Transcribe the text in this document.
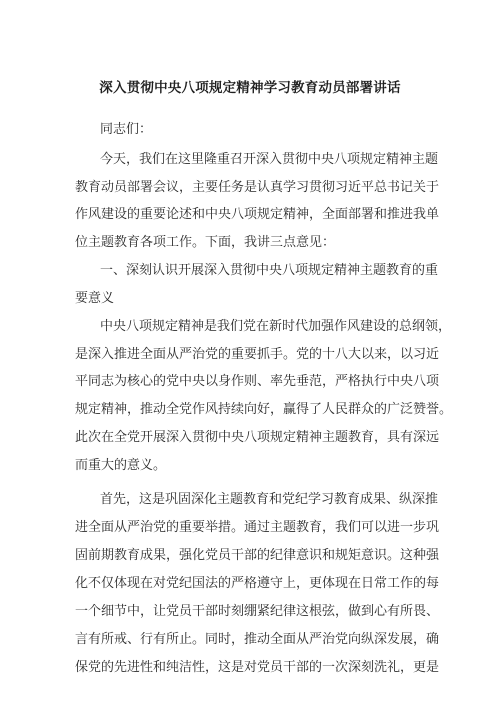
深入贯彻中央八项规定精神学习教育动员部署讲话
同志们：
今天，我们在这里隆重召开深入贯彻中央八项规定精神主题
教育动员部署会议，主要任务是认真学习贯彻习近平总书记关于
作风建设的重要论述和中央八项规定精神，全面部署和推进我单
位主题教育各项工作。下面，我讲三点意见：
一、深刻认识开展深入贯彻中央八项规定精神主题教育的重
要意义
中央八项规定精神是我们党在新时代加强作风建设的总纲领，
是深入推进全面从严治党的重要抓手。党的十八大以来，以习近
平同志为核心的党中央以身作则、率先垂范，严格执行中央八项
规定精神，推动全党作风持续向好，赢得了人民群众的广泛赞誉。
此次在全党开展深入贯彻中央八项规定精神主题教育，具有深远
而重大的意义。
首先，这是巩固深化主题教育和党纪学习教育成果、纵深推
进全面从严治党的重要举措。通过主题教育，我们可以进一步巩
固前期教育成果，强化党员干部的纪律意识和规矩意识。这种强
化不仅体现在对党纪国法的严格遵守上，更体现在日常工作的每
一个细节中，让党员干部时刻绷紧纪律这根弦，做到心有所畏、
言有所戒、行有所止。同时，推动全面从严治党向纵深发展，确
保党的先进性和纯洁性，这是对党员干部的一次深刻洗礼，更是
